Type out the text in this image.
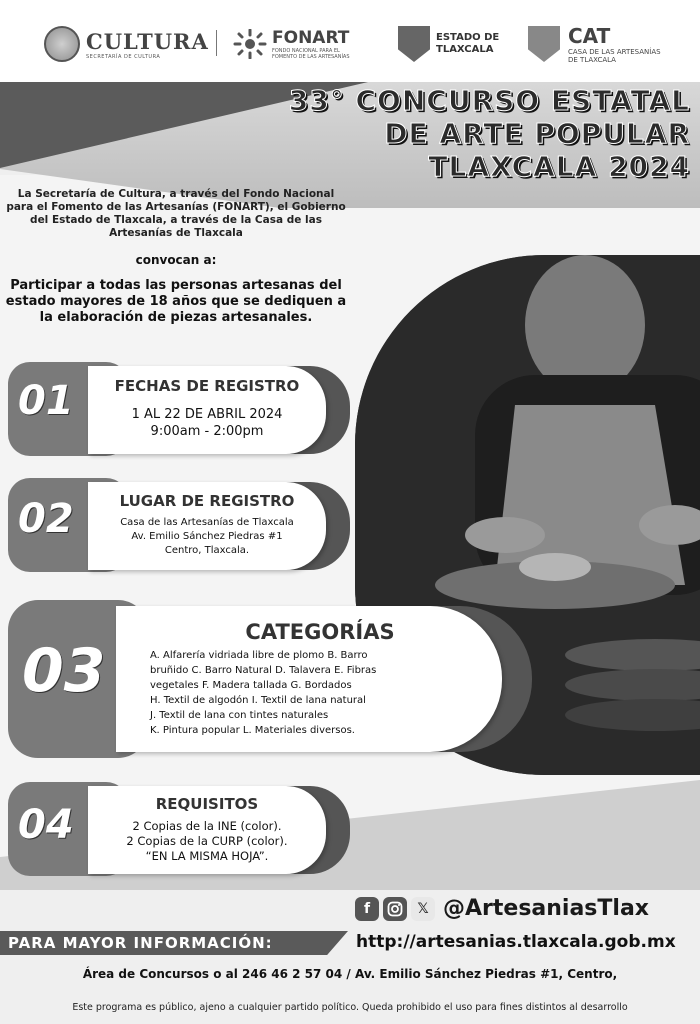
CULTURA
SECRETARÍA DE CULTURA
FONART
FONDO NACIONAL PARA EL
FOMENTO DE LAS ARTESANÍAS
ESTADO DE
TLAXCALA
CAT
CASA DE LAS ARTESANÍAS
DE TLAXCALA
33° CONCURSO ESTATAL
DE ARTE POPULAR
TLAXCALA 2024
La Secretaría de Cultura, a través del Fondo Nacional para el Fomento de las Artesanías (FONART), el Gobierno del Estado de Tlaxcala, a través de la Casa de las Artesanías de Tlaxcala
convocan a:
Participar a todas las personas artesanas del estado mayores de 18 años que se dediquen a la elaboración de piezas artesanales.
01	FECHAS DE REGISTRO
1 AL 22 DE ABRIL 2024
9:00am - 2:00pm
02	LUGAR DE REGISTRO
Casa de las Artesanías de Tlaxcala
Av. Emilio Sánchez Piedras #1
Centro, Tlaxcala.
03
CATEGORÍAS
A. Alfarería vidriada libre de plomo B. Barro
bruñido C. Barro Natural D. Talavera E. Fibras
vegetales F. Madera tallada G. Bordados
H. Textil de algodón I. Textil de lana natural
J. Textil de lana con tintes naturales
K. Pintura popular L. Materiales diversos.
04	REQUISITOS
2 Copias de la INE (color).
2 Copias de la CURP (color).
“EN LA MISMA HOJA”.
f	𝕏 @ArtesaniasTlax
PARA MAYOR INFORMACIÓN:	http://artesanias.tlaxcala.gob.mx
Área de Concursos o al 246 46 2 57 04 / Av. Emilio Sánchez Piedras #1, Centro,
Este programa es público, ajeno a cualquier partido político. Queda prohibido el uso para fines distintos al desarrollo
